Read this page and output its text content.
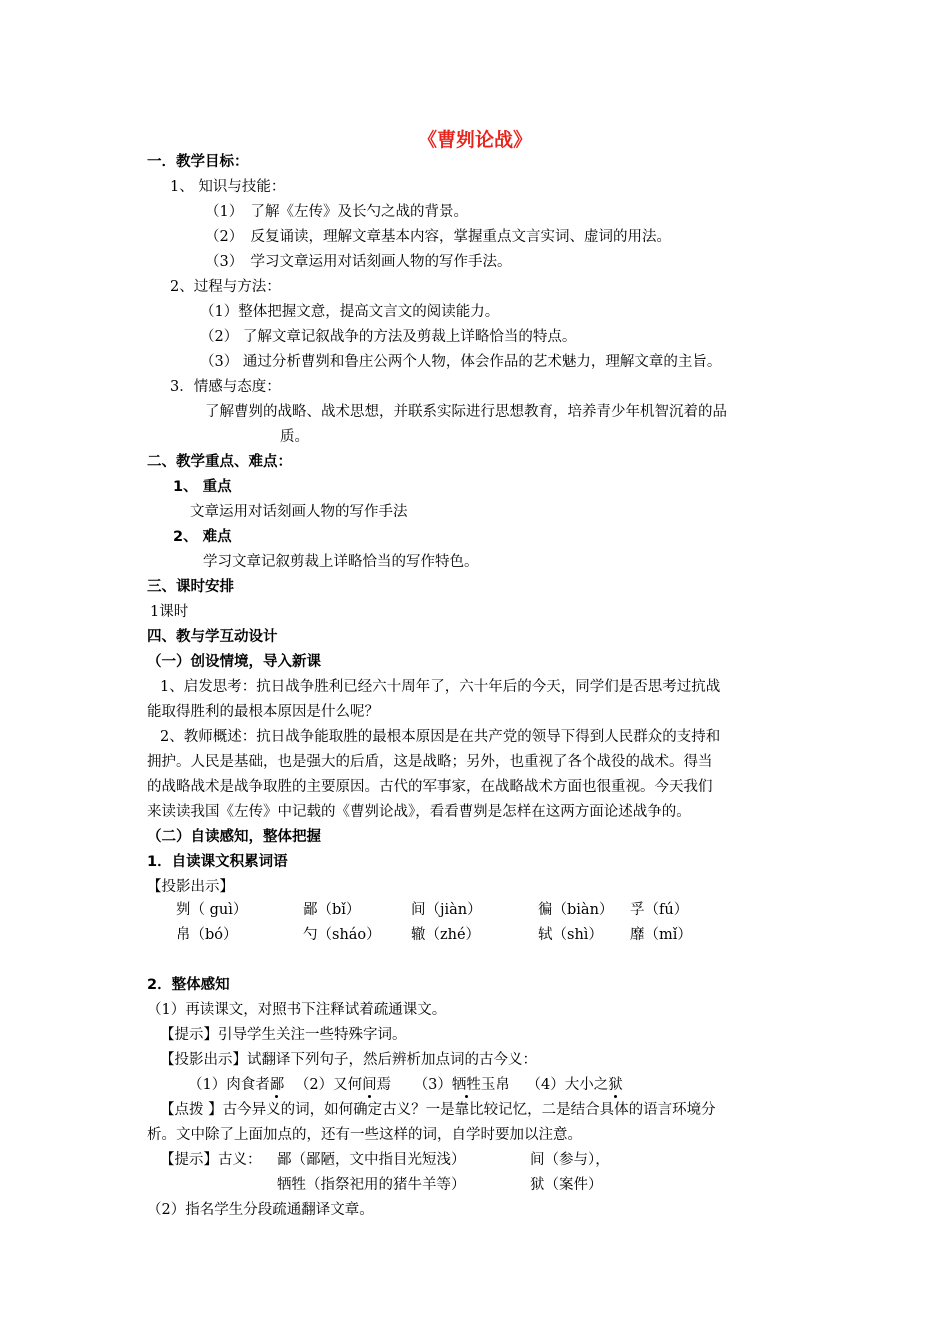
《曹刿论战》
一．教学目标：
1、 知识与技能：
（1）　了解《左传》及长勺之战的背景。
（2）　反复诵读，理解文章基本内容，掌握重点文言实词、虚词的用法。
（3）　学习文章运用对话刻画人物的写作手法。
2、过程与方法：
（1）整体把握文意，提高文言文的阅读能力。
（2） 了解文章记叙战争的方法及剪裁上详略恰当的特点。
（3） 通过分析曹刿和鲁庄公两个人物，体会作品的艺术魅力，理解文章的主旨。
3．情感与态度：
了解曹刿的战略、战术思想，并联系实际进行思想教育，培养青少年机智沉着的品
质。
二、教学重点、难点：
1、 重点
文章运用对话刻画人物的写作手法
2、 难点
学习文章记叙剪裁上详略恰当的写作特色。
三、课时安排
1课时
四、教与学互动设计
（一）创设情境，导入新课
1、启发思考：抗日战争胜利已经六十周年了，六十年后的今天，同学们是否思考过抗战
能取得胜利的最根本原因是什么呢？
2、教师概述：抗日战争能取胜的最根本原因是在共产党的领导下得到人民群众的支持和
拥护。人民是基础，也是强大的后盾，这是战略；另外，也重视了各个战役的战术。得当
的战略战术是战争取胜的主要原因。古代的军事家，在战略战术方面也很重视。今天我们
来读读我国《左传》中记载的《曹刿论战》，看看曹刿是怎样在这两方面论述战争的。
（二）自读感知，整体把握
1．自读课文积累词语
【投影出示】
刿（ guì）	鄙（bǐ）	间（jiàn）	徧（biàn） 孚（fú）
帛（bó）	勺（sháo） 辙（zhé）	轼（shì） 靡（mǐ）
2．整体感知
（1）再读课文，对照书下注释试着疏通课文。
【提示】引导学生关注一些特殊字词。
【投影出示】试翻译下列句子，然后辨析加点词的古今义：
（1）肉食者鄙 （2）又何间焉 （3）牺牲玉帛 （4）大小之狱
【点拨 】古今异义的词，如何确定古义？一是靠比较记忆，二是结合具体的语言环境分
析。文中除了上面加点的，还有一些这样的词，自学时要加以注意。
【提示】古义： 鄙（鄙陋，文中指目光短浅）	间（参与），
牺牲（指祭祀用的猪牛羊等）	狱（案件）
（2）指名学生分段疏通翻译文章。
